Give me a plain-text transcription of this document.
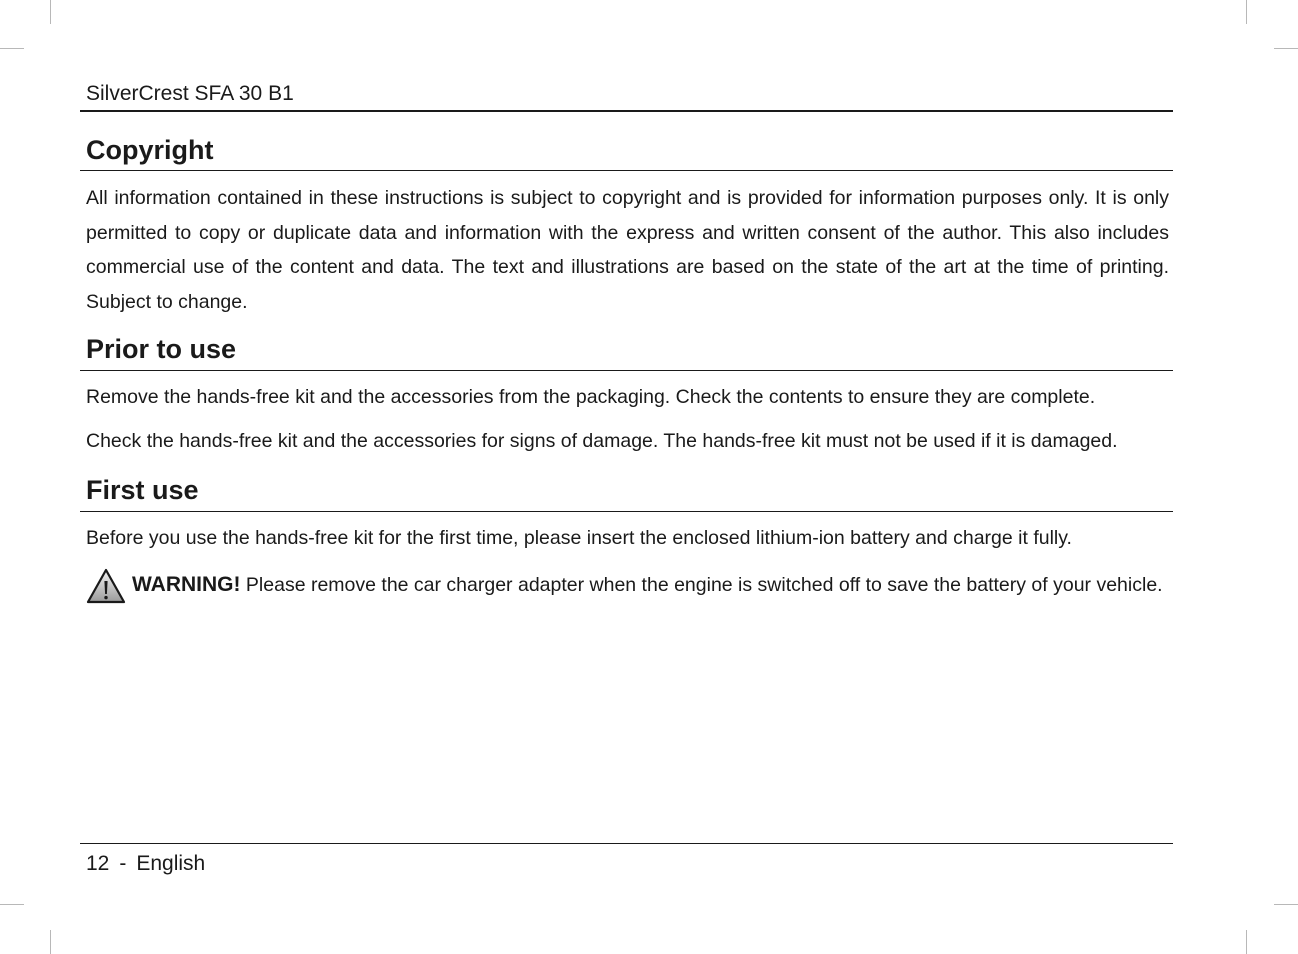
SilverCrest SFA 30 B1
Copyright

All information contained in these instructions is subject to copyright and is provided for information purposes only. It is only permitted to copy or duplicate data and information with the express and written consent of the author. This also includes commercial use of the content and data. The text and illustrations are based on the state of the art at the time of printing. Subject to change.

Prior to use

Remove the hands-free kit and the accessories from the packaging. Check the contents to ensure they are complete.

Check the hands-free kit and the accessories for signs of damage. The hands-free kit must not be used if it is damaged.

First use

Before you use the hands-free kit for the first time, please insert the enclosed lithium-ion battery and charge it fully.

WARNING! Please remove the car charger adapter when the engine is switched off to save the battery of your vehicle.

12 - English
